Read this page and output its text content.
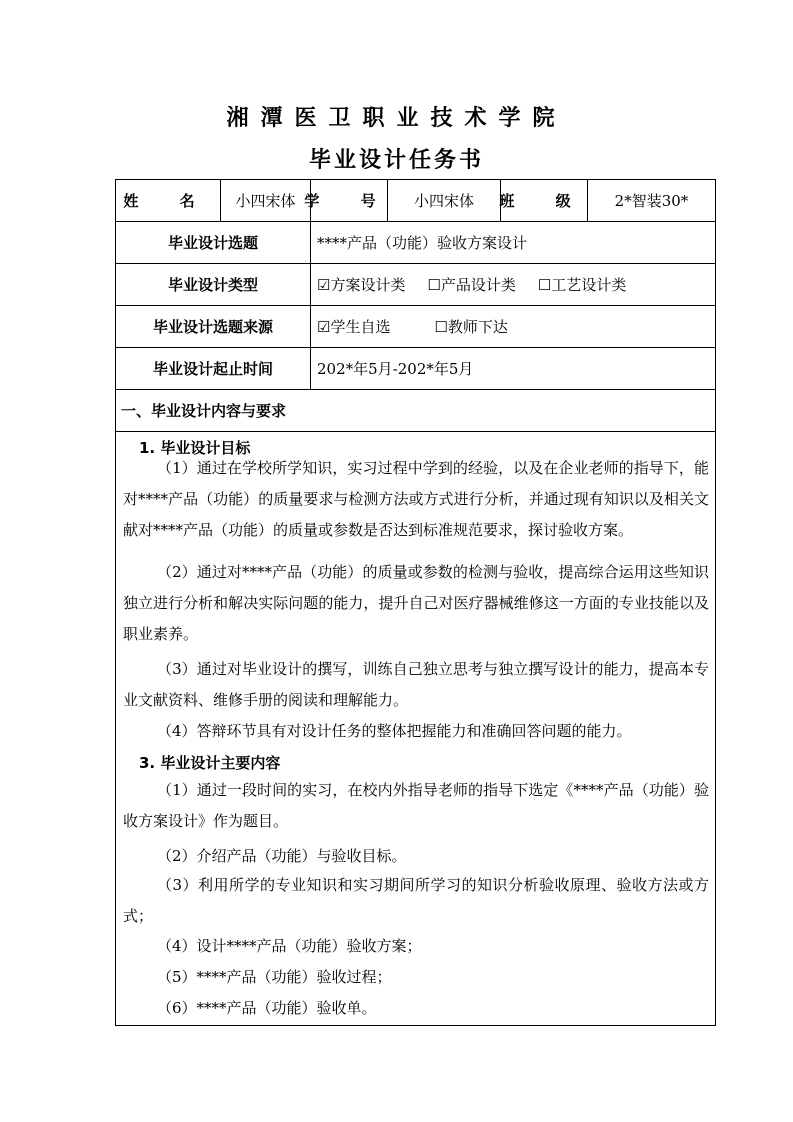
湘潭医卫职业技术学院
毕业设计任务书
姓 名	小四宋体 学 号	小四宋体	班 级	2*智装30*
毕业设计选题	****产品（功能）验收方案设计
毕业设计类型	☑方案设计类 ☐产品设计类 ☐工艺设计类
毕业设计选题来源	☑学生自选	☐教师下达
毕业设计起止时间	202*年5月-202*年5月
一、毕业设计内容与要求
1. 毕业设计目标
（1）通过在学校所学知识，实习过程中学到的经验，以及在企业老师的指导下，能对****产品（功能）的质量要求与检测方法或方式进行分析，并通过现有知识以及相关文献对****产品（功能）的质量或参数是否达到标准规范要求，探讨验收方案。
（2）通过对****产品（功能）的质量或参数的检测与验收，提高综合运用这些知识独立进行分析和解决实际问题的能力，提升自己对医疗器械维修这一方面的专业技能以及职业素养。
（3）通过对毕业设计的撰写，训练自己独立思考与独立撰写设计的能力，提高本专业文献资料、维修手册的阅读和理解能力。
（4）答辩环节具有对设计任务的整体把握能力和准确回答问题的能力。
3. 毕业设计主要内容
（1）通过一段时间的实习，在校内外指导老师的指导下选定《****产品（功能）验收方案设计》作为题目。
（2）介绍产品（功能）与验收目标。
（3）利用所学的专业知识和实习期间所学习的知识分析验收原理、验收方法或方式；
（4）设计****产品（功能）验收方案；
（5）****产品（功能）验收过程；
（6）****产品（功能）验收单。
